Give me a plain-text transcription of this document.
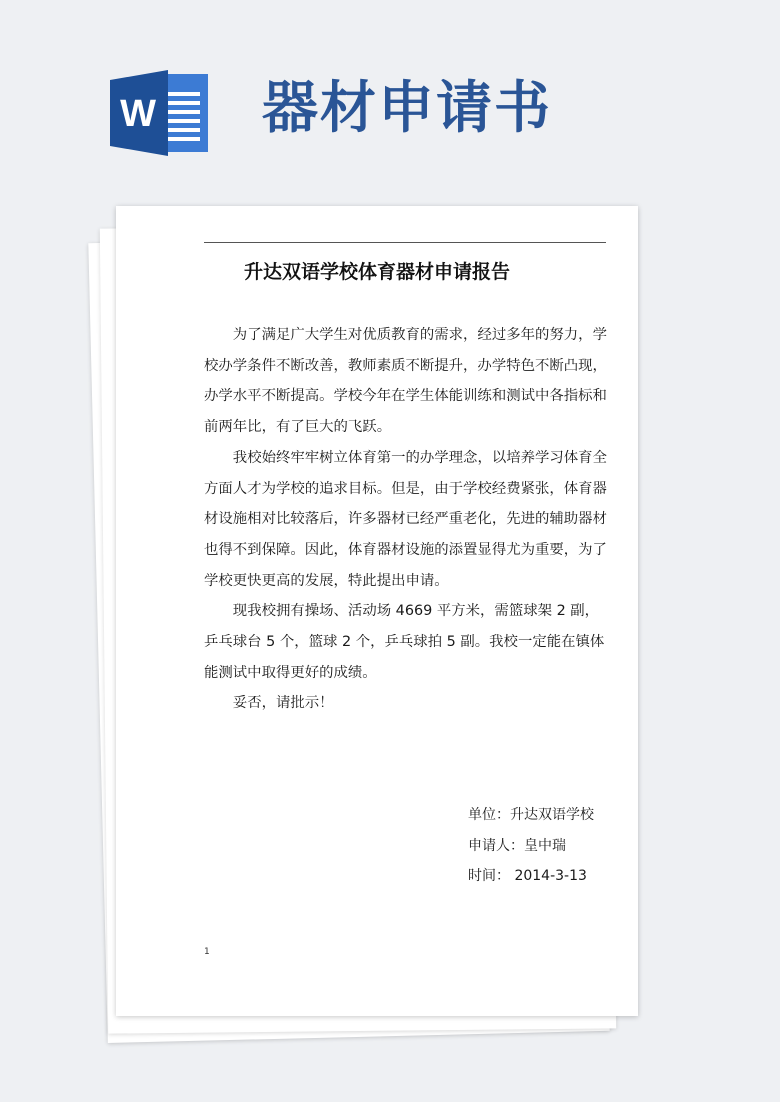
W 器材申请书
升达双语学校体育器材申请报告

为了满足广大学生对优质教育的需求，经过多年的努力，学校办学条件不断改善，教师素质不断提升，办学特色不断凸现，办学水平不断提高。学校今年在学生体能训练和测试中各指标和前两年比，有了巨大的飞跃。

我校始终牢牢树立体育第一的办学理念，以培养学习体育全方面人才为学校的追求目标。但是，由于学校经费紧张，体育器材设施相对比较落后，许多器材已经严重老化，先进的辅助器材也得不到保障。因此，体育器材设施的添置显得尤为重要，为了学校更快更高的发展，特此提出申请。

现我校拥有操场、活动场 4669 平方米，需篮球架 2 副，乒乓球台 5 个，篮球 2 个，乒乓球拍 5 副。我校一定能在镇体能测试中取得更好的成绩。

妥否，请批示！

单位：升达双语学校
申请人：皇中瑞
时间： 2014-3-13
1
